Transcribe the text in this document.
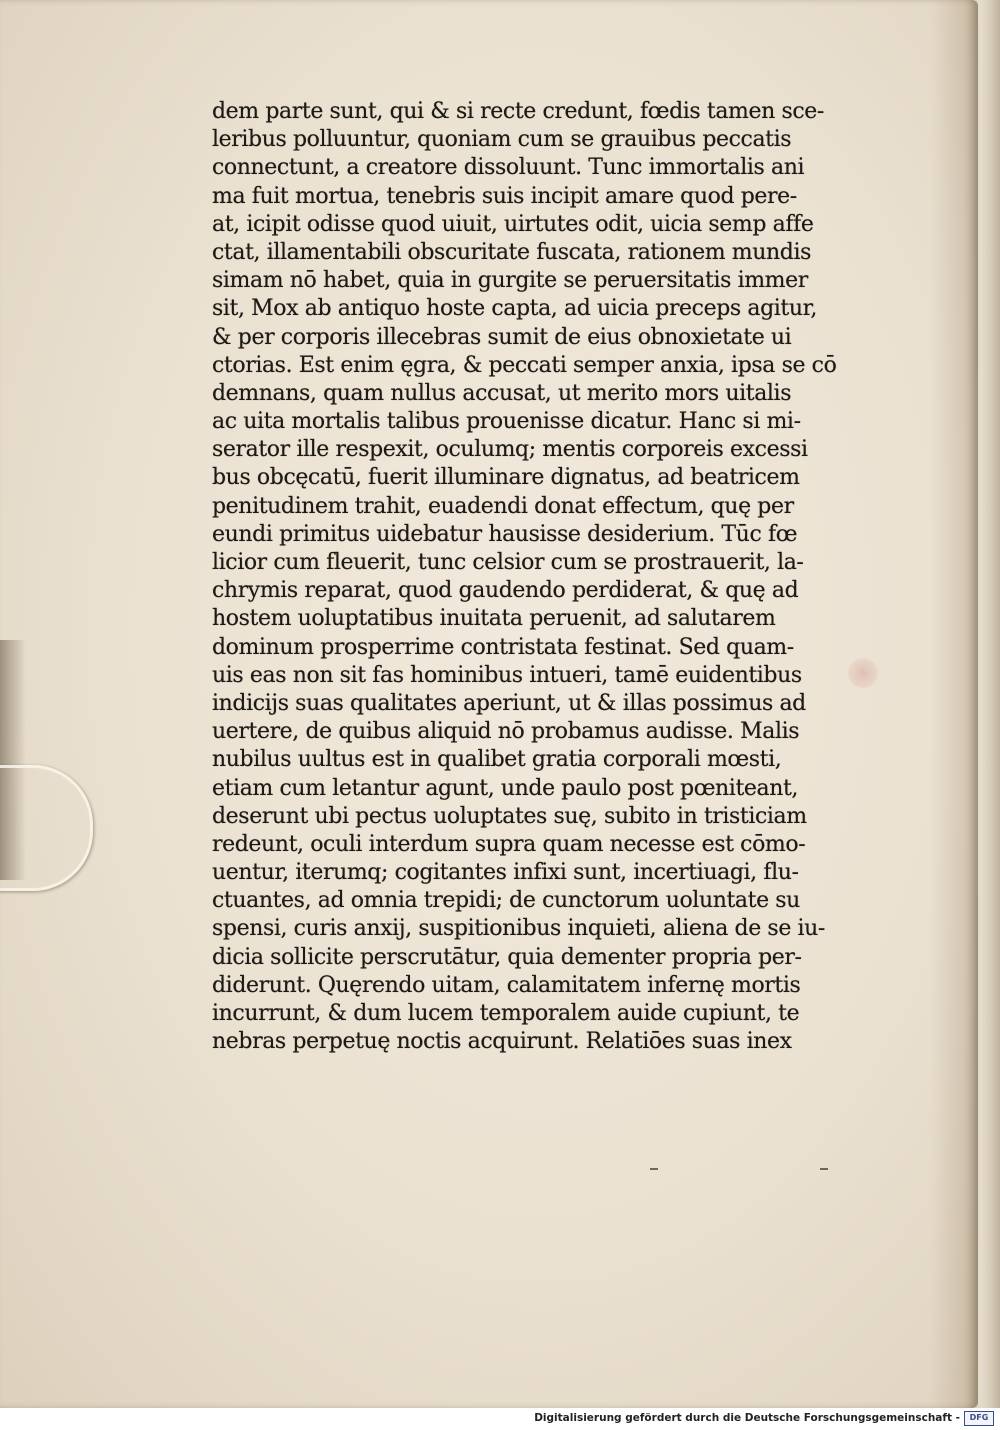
dem parte sunt, qui & si recte credunt, fœdis tamen sce-
leribus polluuntur, quoniam cum se grauibus peccatis
connectunt, a creatore dissoluunt. Tunc immortalis ani
ma fuit mortua, tenebris suis incipit amare quod pere-
at, icipit odisse quod uiuit, uirtutes odit, uicia semp affe
ctat, illamentabili obscuritate fuscata, rationem mundis
simam nō habet, quia in gurgite se peruersitatis immer
sit, Mox ab antiquo hoste capta, ad uicia preceps agitur,
& per corporis illecebras sumit de eius obnoxietate ui
ctorias. Est enim ęgra, & peccati semper anxia, ipsa se cō
demnans, quam nullus accusat, ut merito mors uitalis
ac uita mortalis talibus prouenisse dicatur. Hanc si mi-
serator ille respexit, oculumq; mentis corporeis excessi
bus obcęcatū, fuerit illuminare dignatus, ad beatricem
penitudinem trahit, euadendi donat effectum, quę per
eundi primitus uidebatur hausisse desiderium. Tūc fœ
licior cum fleuerit, tunc celsior cum se prostrauerit, la-
chrymis reparat, quod gaudendo perdiderat, & quę ad
hostem uoluptatibus inuitata peruenit, ad salutarem
dominum prosperrime contristata festinat. Sed quam-
uis eas non sit fas hominibus intueri, tamē euidentibus
indicijs suas qualitates aperiunt, ut & illas possimus ad
uertere, de quibus aliquid nō probamus audisse. Malis
nubilus uultus est in qualibet gratia corporali mœsti,
etiam cum letantur agunt, unde paulo post pœniteant,
deserunt ubi pectus uoluptates suę, subito in tristiciam
redeunt, oculi interdum supra quam necesse est cōmo-
uentur, iterumq; cogitantes infixi sunt, incertiuagi, flu-
ctuantes, ad omnia trepidi; de cunctorum uoluntate su
spensi, curis anxij, suspitionibus inquieti, aliena de se iu-
dicia sollicite perscrutātur, quia dementer propria per-
diderunt. Quęrendo uitam, calamitatem infernę mortis
incurrunt, & dum lucem temporalem auide cupiunt, te
nebras perpetuę noctis acquirunt. Relatiōes suas inex
Digitalisierung gefördert durch die Deutsche Forschungsgemeinschaft -	DFG
